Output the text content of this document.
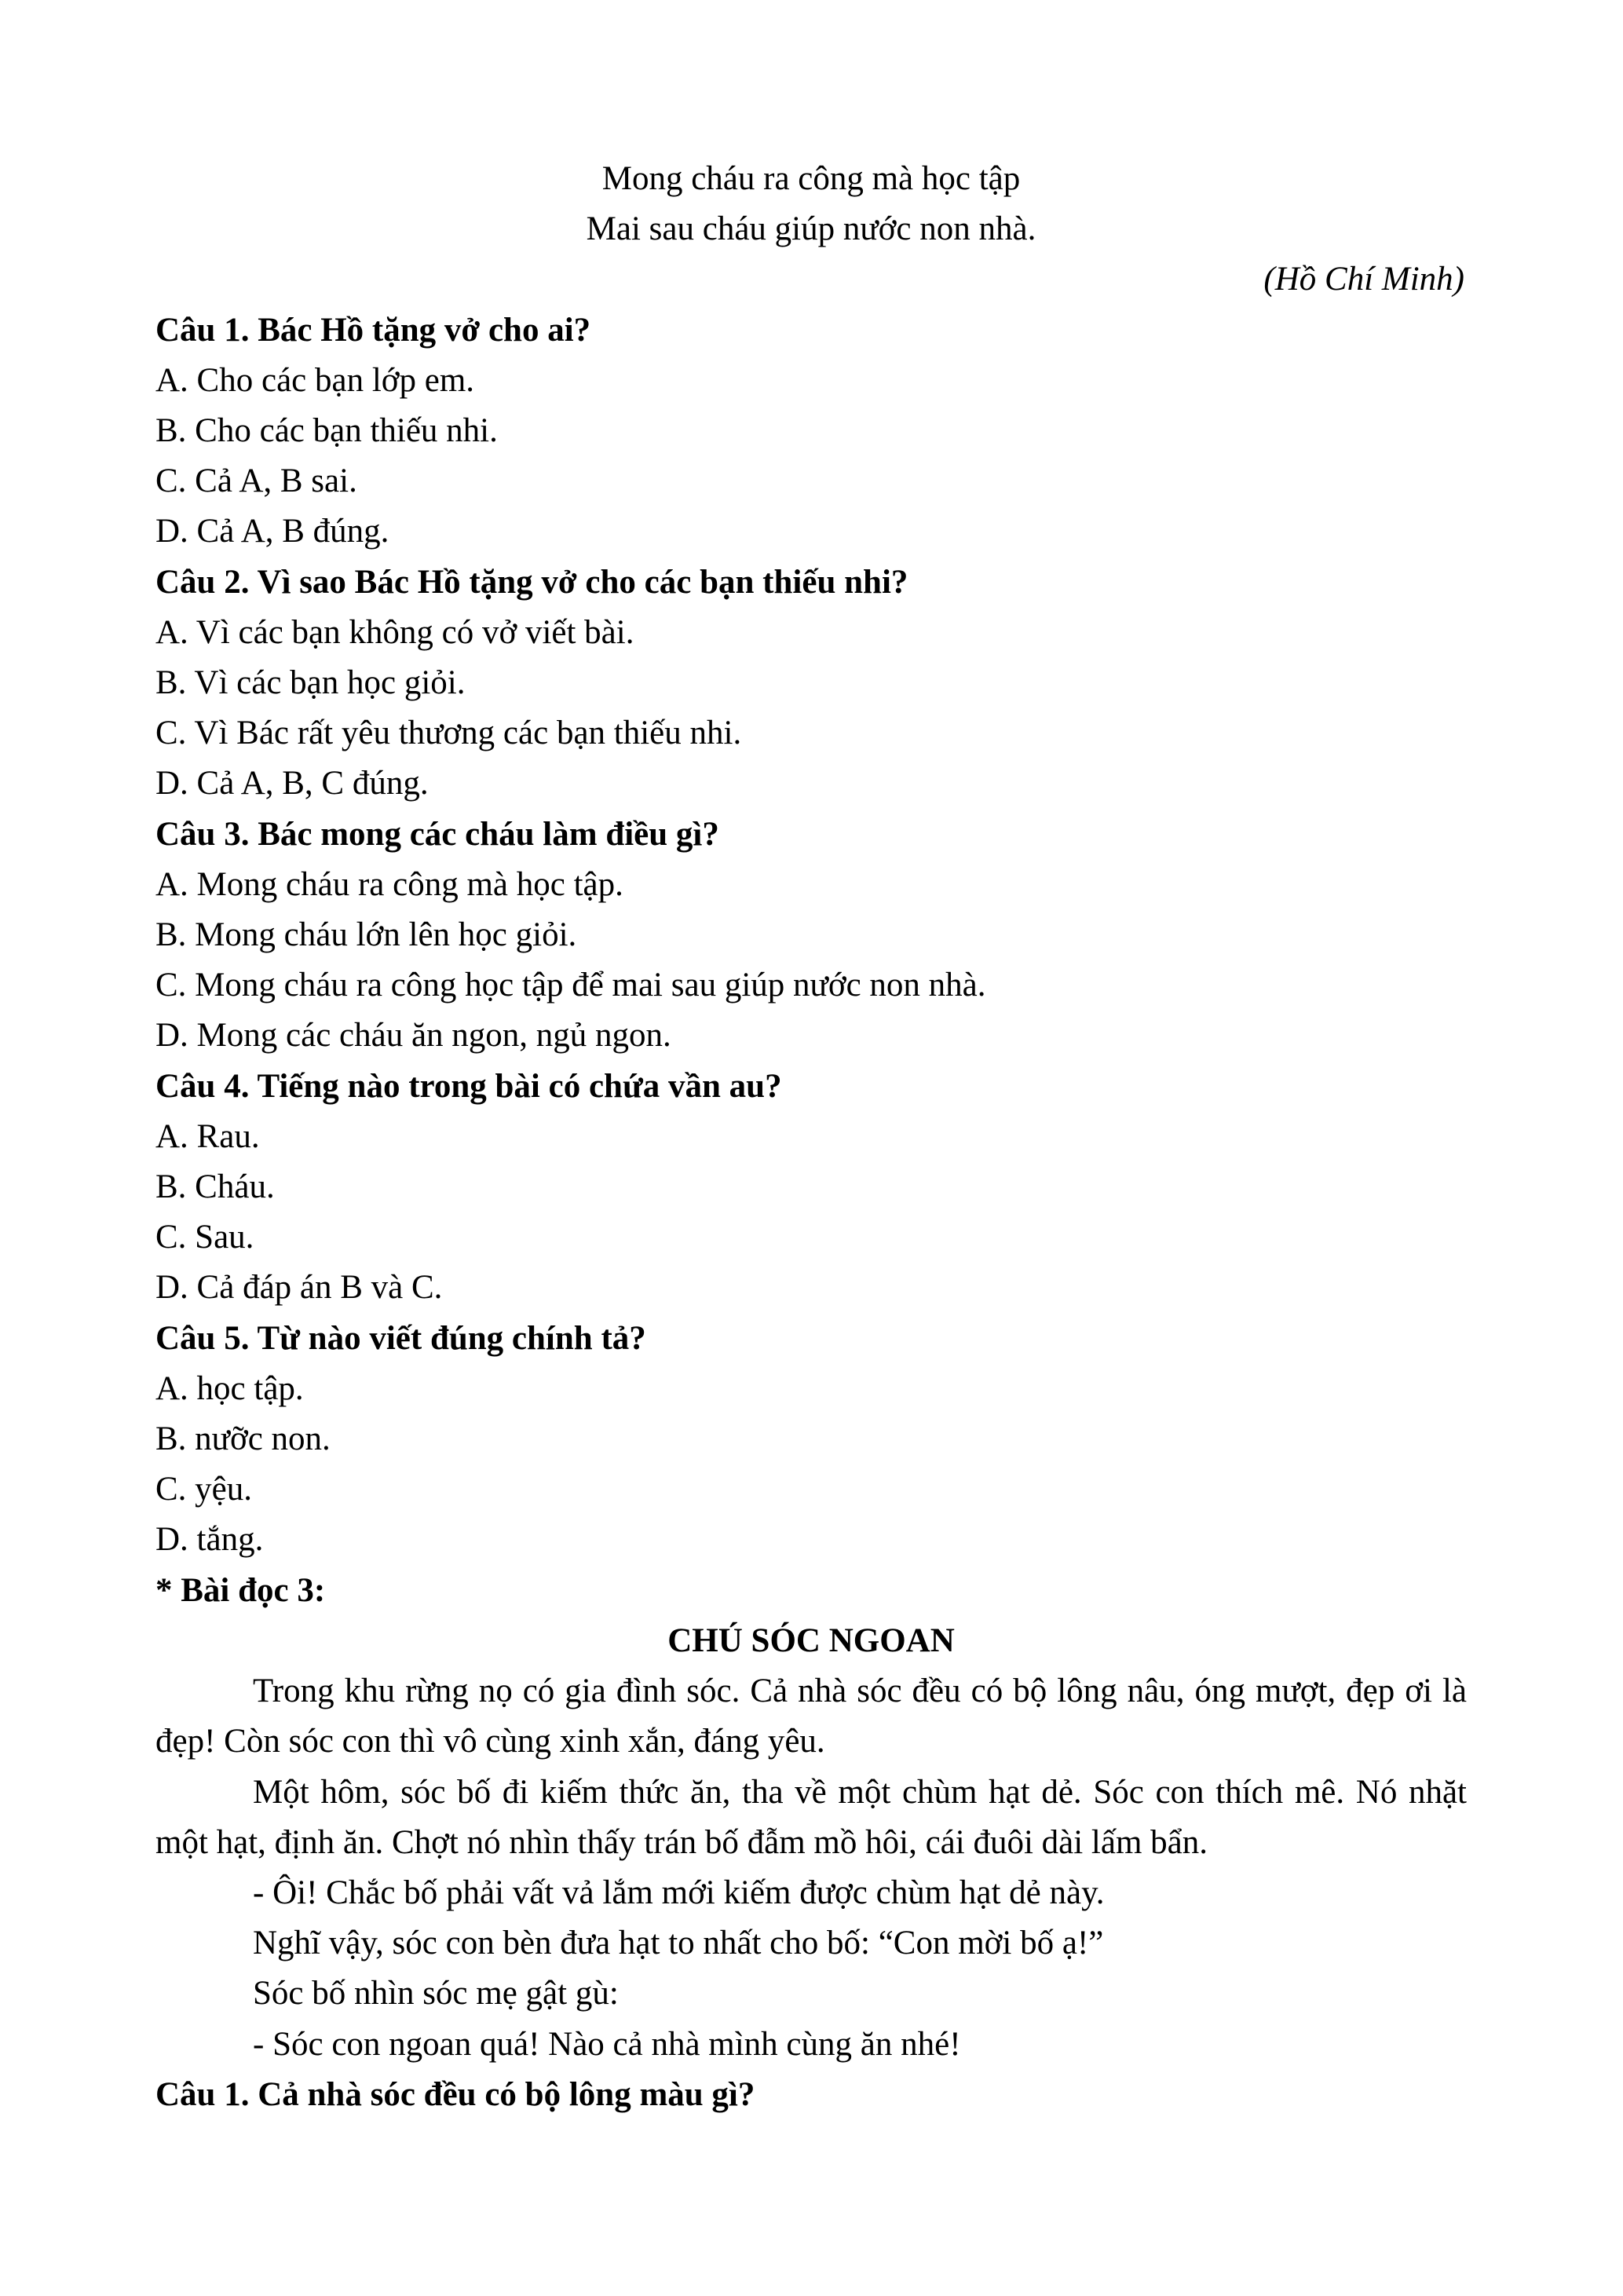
Mong cháu ra công mà học tập
Mai sau cháu giúp nước non nhà.
(Hồ Chí Minh)
Câu 1. Bác Hồ tặng vở cho ai?
A. Cho các bạn lớp em.
B. Cho các bạn thiếu nhi.
C. Cả A, B sai.
D. Cả A, B đúng.
Câu 2. Vì sao Bác Hồ tặng vở cho các bạn thiếu nhi?
A. Vì các bạn không có vở viết bài.
B. Vì các bạn học giỏi.
C. Vì Bác rất yêu thương các bạn thiếu nhi.
D. Cả A, B, C đúng.
Câu 3. Bác mong các cháu làm điều gì?
A. Mong cháu ra công mà học tập.
B. Mong cháu lớn lên học giỏi.
C. Mong cháu ra công học tập để mai sau giúp nước non nhà.
D. Mong các cháu ăn ngon, ngủ ngon.
Câu 4. Tiếng nào trong bài có chứa vần au?
A. Rau.
B. Cháu.
C. Sau.
D. Cả đáp án B và C.
Câu 5. Từ nào viết đúng chính tả?
A. học tập.
B. nưỡc non.
C. yệu.
D. tắng.
* Bài đọc 3:
CHÚ SÓC NGOAN
Trong khu rừng nọ có gia đình sóc. Cả nhà sóc đều có bộ lông nâu, óng mượt, đẹp ơi là đẹp! Còn sóc con thì vô cùng xinh xắn, đáng yêu.
Một hôm, sóc bố đi kiếm thức ăn, tha về một chùm hạt dẻ. Sóc con thích mê. Nó nhặt một hạt, định ăn. Chợt nó nhìn thấy trán bố đẫm mồ hôi, cái đuôi dài lấm bẩn.
- Ôi! Chắc bố phải vất vả lắm mới kiếm được chùm hạt dẻ này.
Nghĩ vậy, sóc con bèn đưa hạt to nhất cho bố: “Con mời bố ạ!”
Sóc bố nhìn sóc mẹ gật gù:
- Sóc con ngoan quá! Nào cả nhà mình cùng ăn nhé!
Câu 1. Cả nhà sóc đều có bộ lông màu gì?
